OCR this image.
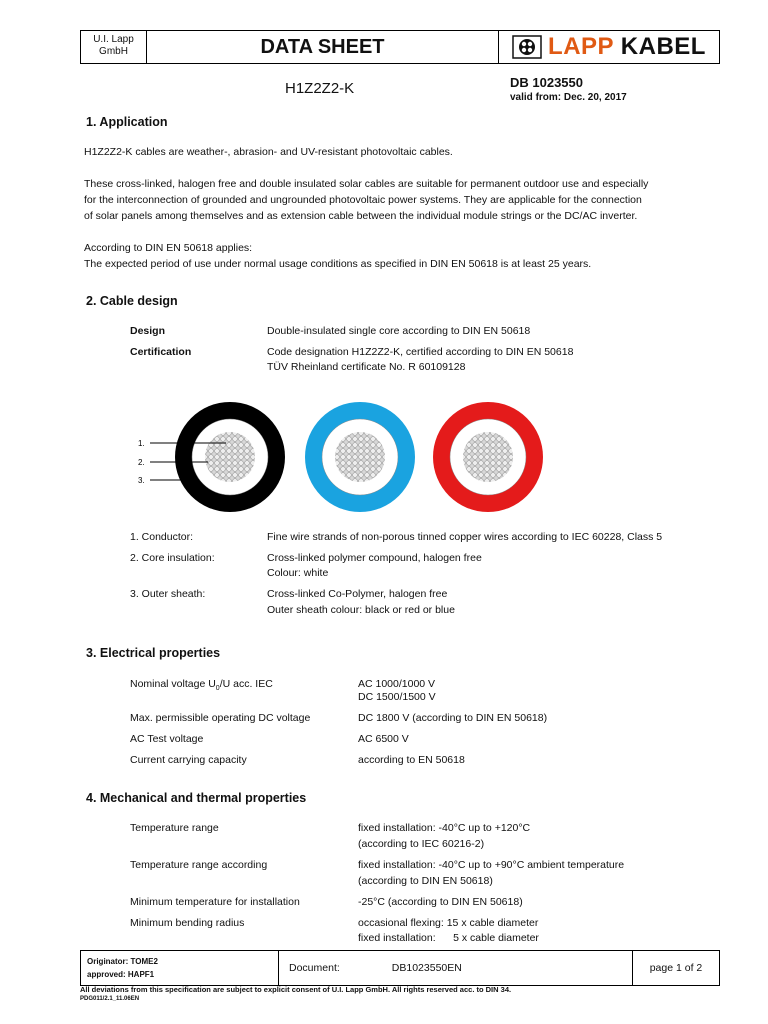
U.I. Lapp GmbH	DATA SHEET	LAPP KABEL
H1Z2Z2-K	DB 1023550
valid from: Dec. 20, 2017
1. Application
H1Z2Z2-K cables are weather-, abrasion- and UV-resistant photovoltaic cables.
These cross-linked, halogen free and double insulated solar cables are suitable for permanent outdoor use and especially
for the interconnection of grounded and ungrounded photovoltaic power systems. They are applicable for the connection
of solar panels among themselves and as extension cable between the individual module strings or the DC/AC inverter.
According to DIN EN 50618 applies:
The expected period of use under normal usage conditions as specified in DIN EN 50618 is at least 25 years.
2. Cable design
Design	Double-insulated single core according to DIN EN 50618
Certification	Code designation H1Z2Z2-K, certified according to DIN EN 50618
TÜV Rheinland certificate No. R 60109128
1.
2.
3.
1. Conductor:	Fine wire strands of non-porous tinned copper wires according to IEC 60228, Class 5
2. Core insulation:	Cross-linked polymer compound, halogen free
Colour: white
3. Outer sheath:	Cross-linked Co-Polymer, halogen free
Outer sheath colour: black or red or blue
3. Electrical properties
Nominal voltage $U_0/U$ acc. IEC	AC 1000/1000 V
DC 1500/1500 V
Max. permissible operating DC voltage	DC 1800 V (according to DIN EN 50618)
AC Test voltage	AC 6500 V
Current carrying capacity	according to EN 50618
4. Mechanical and thermal properties
Temperature range	fixed installation: -40°C up to +120°C
(according to IEC 60216-2)
Temperature range according	fixed installation: -40°C up to +90°C ambient temperature
(according to DIN EN 50618)
Minimum temperature for installation	-25°C (according to DIN EN 50618)
Minimum bending radius	occasional flexing: 15 x cable diameter
fixed installation:      5 x cable diameter
Originator: TOME2
approved: HAPF1
Document:	DB1023550EN	page 1 of 2
All deviations from this specification are subject to explicit consent of U.I. Lapp GmbH. All rights reserved acc. to DIN 34.
PDG011/2.1_11.06EN
